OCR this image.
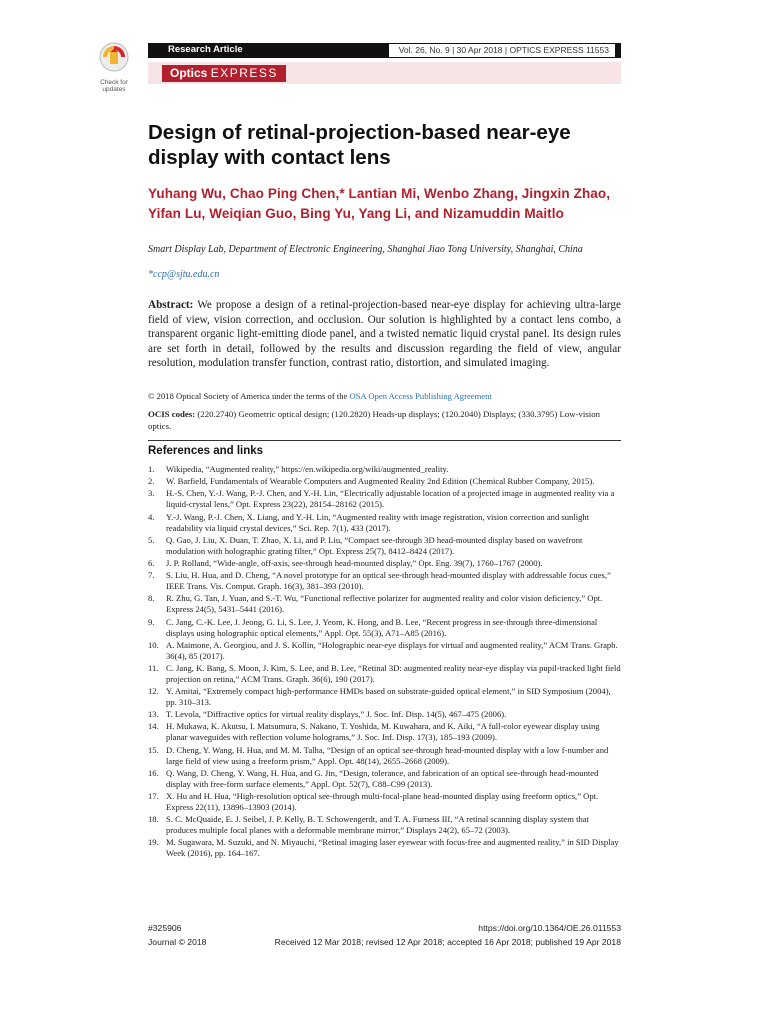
Check for updates
Research Article	Vol. 26, No. 9 | 30 Apr 2018 | OPTICS EXPRESS 11553
Optics EXPRESS
Design of retinal-projection-based near-eye display with contact lens
Yuhang Wu, Chao Ping Chen,* Lantian Mi, Wenbo Zhang, Jingxin Zhao, Yifan Lu, Weiqian Guo, Bing Yu, Yang Li, and Nizamuddin Maitlo
Smart Display Lab, Department of Electronic Engineering, Shanghai Jiao Tong University, Shanghai, China
*ccp@sjtu.edu.cn
Abstract: We propose a design of a retinal-projection-based near-eye display for achieving ultra-large field of view, vision correction, and occlusion. Our solution is highlighted by a contact lens combo, a transparent organic light-emitting diode panel, and a twisted nematic liquid crystal panel. Its design rules are set forth in detail, followed by the results and discussion regarding the field of view, angular resolution, modulation transfer function, contrast ratio, distortion, and simulated imaging.
© 2018 Optical Society of America under the terms of the OSA Open Access Publishing Agreement
OCIS codes: (220.2740) Geometric optical design; (120.2820) Heads-up displays; (120.2040) Displays; (330.3795) Low-vision optics.
References and links
1.	Wikipedia, “Augmented reality,” https://en.wikipedia.org/wiki/augmented_reality.
2.	W. Barfield, Fundamentals of Wearable Computers and Augmented Reality 2nd Edition (Chemical Rubber Company, 2015).
3.	H.-S. Chen, Y.-J. Wang, P.-J. Chen, and Y.-H. Lin, “Electrically adjustable location of a projected image in augmented reality via a liquid-crystal lens,” Opt. Express 23(22), 28154–28162 (2015).
4.	Y.-J. Wang, P.-J. Chen, X. Liang, and Y.-H. Lin, “Augmented reality with image registration, vision correction and sunlight readability via liquid crystal devices,” Sci. Rep. 7(1), 433 (2017).
5.	Q. Gao, J. Liu, X. Duan, T. Zhao, X. Li, and P. Liu, “Compact see-through 3D head-mounted display based on wavefront modulation with holographic grating filter,” Opt. Express 25(7), 8412–8424 (2017).
6.	J. P. Rolland, “Wide-angle, off-axis, see-through head-mounted display,” Opt. Eng. 39(7), 1760–1767 (2000).
7.	S. Liu, H. Hua, and D. Cheng, “A novel prototype for an optical see-through head-mounted display with addressable focus cues,” IEEE Trans. Vis. Comput. Graph. 16(3), 381–393 (2010).
8.	R. Zhu, G. Tan, J. Yuan, and S.-T. Wu, “Functional reflective polarizer for augmented reality and color vision deficiency,” Opt. Express 24(5), 5431–5441 (2016).
9.	C. Jang, C.-K. Lee, J. Jeong, G. Li, S. Lee, J. Yeom, K. Hong, and B. Lee, “Recent progress in see-through three-dimensional displays using holographic optical elements,” Appl. Opt. 55(3), A71–A85 (2016).
10. A. Maimone, A. Georgiou, and J. S. Kollin, “Holographic near-eye displays for virtual and augmented reality,” ACM Trans. Graph. 36(4), 85 (2017).
11. C. Jang, K. Bang, S. Moon, J. Kim, S. Lee, and B. Lee, “Retinal 3D: augmented reality near-eye display via pupil-tracked light field projection on retina,” ACM Trans. Graph. 36(6), 190 (2017).
12. Y. Amitai, “Extremely compact high-performance HMDs based on substrate-guided optical element,” in SID Symposium (2004), pp. 310–313.
13. T. Levola, “Diffractive optics for virtual reality displays,” J. Soc. Inf. Disp. 14(5), 467–475 (2006).
14. H. Mukawa, K. Akutsu, I. Matsumura, S. Nakano, T. Yoshida, M. Kuwahara, and K. Aiki, “A full-color eyewear display using planar waveguides with reflection volume holograms,” J. Soc. Inf. Disp. 17(3), 185–193 (2009).
15. D. Cheng, Y. Wang, H. Hua, and M. M. Talha, “Design of an optical see-through head-mounted display with a low f-number and large field of view using a freeform prism,” Appl. Opt. 48(14), 2655–2668 (2009).
16. Q. Wang, D. Cheng, Y. Wang, H. Hua, and G. Jin, “Design, tolerance, and fabrication of an optical see-through head-mounted display with free-form surface elements,” Appl. Opt. 52(7), C88–C99 (2013).
17. X. Hu and H. Hua, “High-resolution optical see-through multi-focal-plane head-mounted display using freeform optics,” Opt. Express 22(11), 13896–13903 (2014).
18. S. C. McQuaide, E. J. Seibel, J. P. Kelly, B. T. Schowengerdt, and T. A. Furness III, “A retinal scanning display system that produces multiple focal planes with a deformable membrane mirror,” Displays 24(2), 65–72 (2003).
19. M. Sugawara, M. Suzuki, and N. Miyauchi, “Retinal imaging laser eyewear with focus-free and augmented reality,” in SID Display Week (2016), pp. 164–167.
#325906
Journal © 2018
https://doi.org/10.1364/OE.26.011553
Received 12 Mar 2018; revised 12 Apr 2018; accepted 16 Apr 2018; published 19 Apr 2018
